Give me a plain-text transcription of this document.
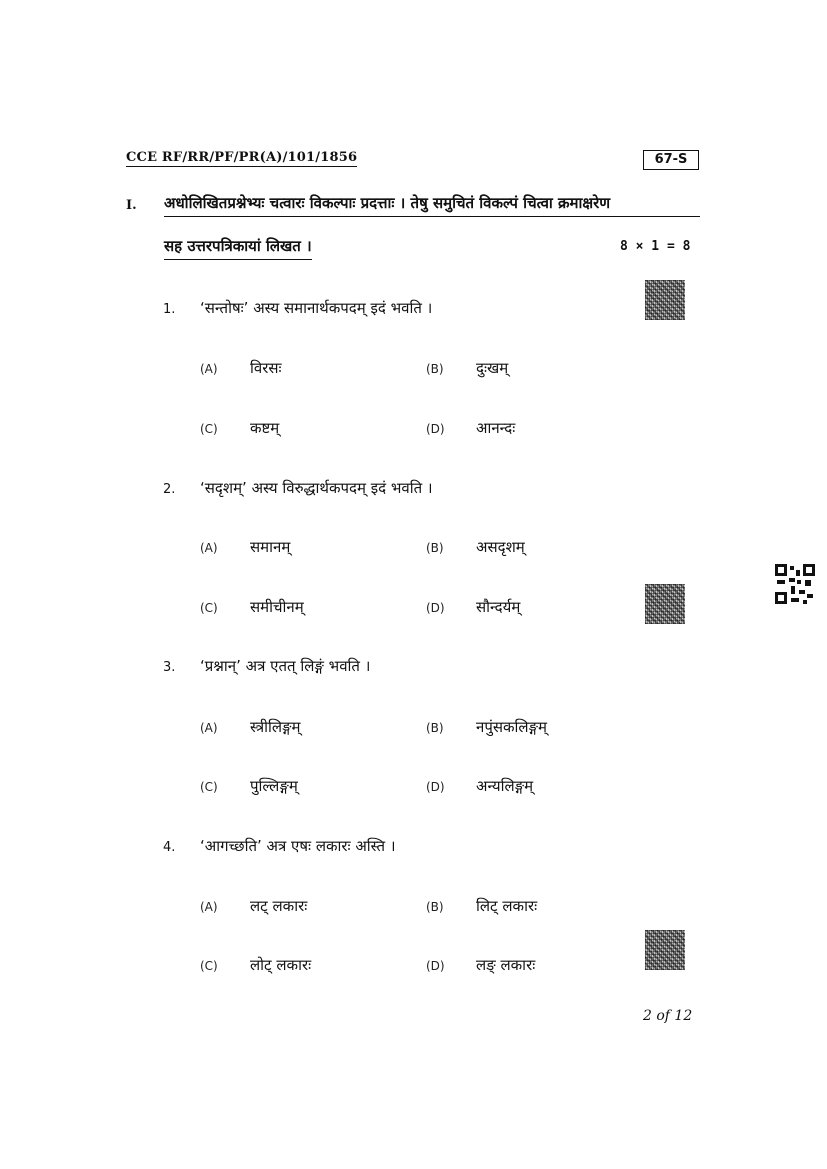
CCE RF/RR/PF/PR(A)/101/1856	67-S
I. अधोलिखितप्रश्नेभ्यः चत्वारः विकल्पाः प्रदत्ताः । तेषु समुचितं विकल्पं चित्वा क्रमाक्षरेण
सह उत्तरपत्रिकायां लिखत ।	8 × 1 = 8
1. ‘सन्तोषः’ अस्य समानार्थकपदम् इदं भवति ।
(A) विरसः	(B) दुःखम्
(C) कष्टम्	(D) आनन्दः
2. ‘सदृशम्’ अस्य विरुद्धार्थकपदम् इदं भवति ।
(A) समानम्	(B) असदृशम्
(C) समीचीनम्	(D) सौन्दर्यम्
3. ‘प्रश्नान्’ अत्र एतत् लिङ्गं भवति ।
(A) स्त्रीलिङ्गम्	(B) नपुंसकलिङ्गम्
(C) पुल्लिङ्गम्	(D) अन्यलिङ्गम्
4. ‘आगच्छति’ अत्र एषः लकारः अस्ति ।
(A) लट् लकारः	(B) लिट् लकारः
(C) लोट् लकारः	(D) लङ् लकारः
2 of 12
